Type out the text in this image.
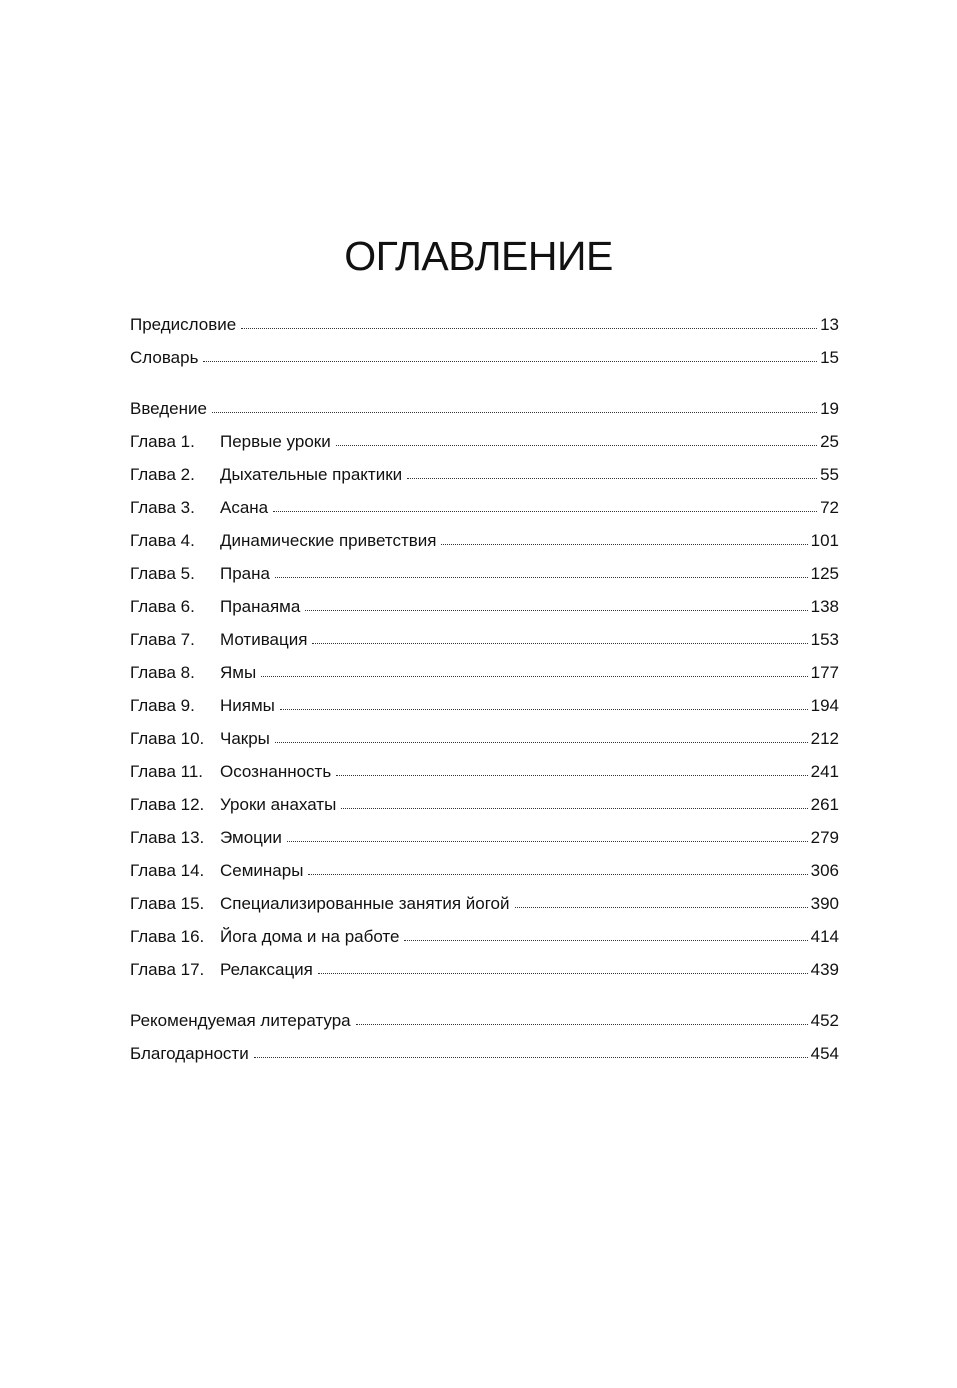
ОГЛАВЛЕНИЕ
Предисловие	13
Словарь	15
Введение	19
Глава 1.	Первые уроки	25
Глава 2.	Дыхательные практики	55
Глава 3.	Асана	72
Глава 4.	Динамические приветствия	101
Глава 5.	Прана	125
Глава 6.	Пранаяма	138
Глава 7.	Мотивация	153
Глава 8.	Ямы	177
Глава 9.	Ниямы	194
Глава 10. Чакры	212
Глава 11. Осознанность	241
Глава 12. Уроки анахаты	261
Глава 13. Эмоции	279
Глава 14. Семинары	306
Глава 15. Специализированные занятия йогой	390
Глава 16. Йога дома и на работе	414
Глава 17. Релаксация	439
Рекомендуемая литература	452
Благодарности	454
